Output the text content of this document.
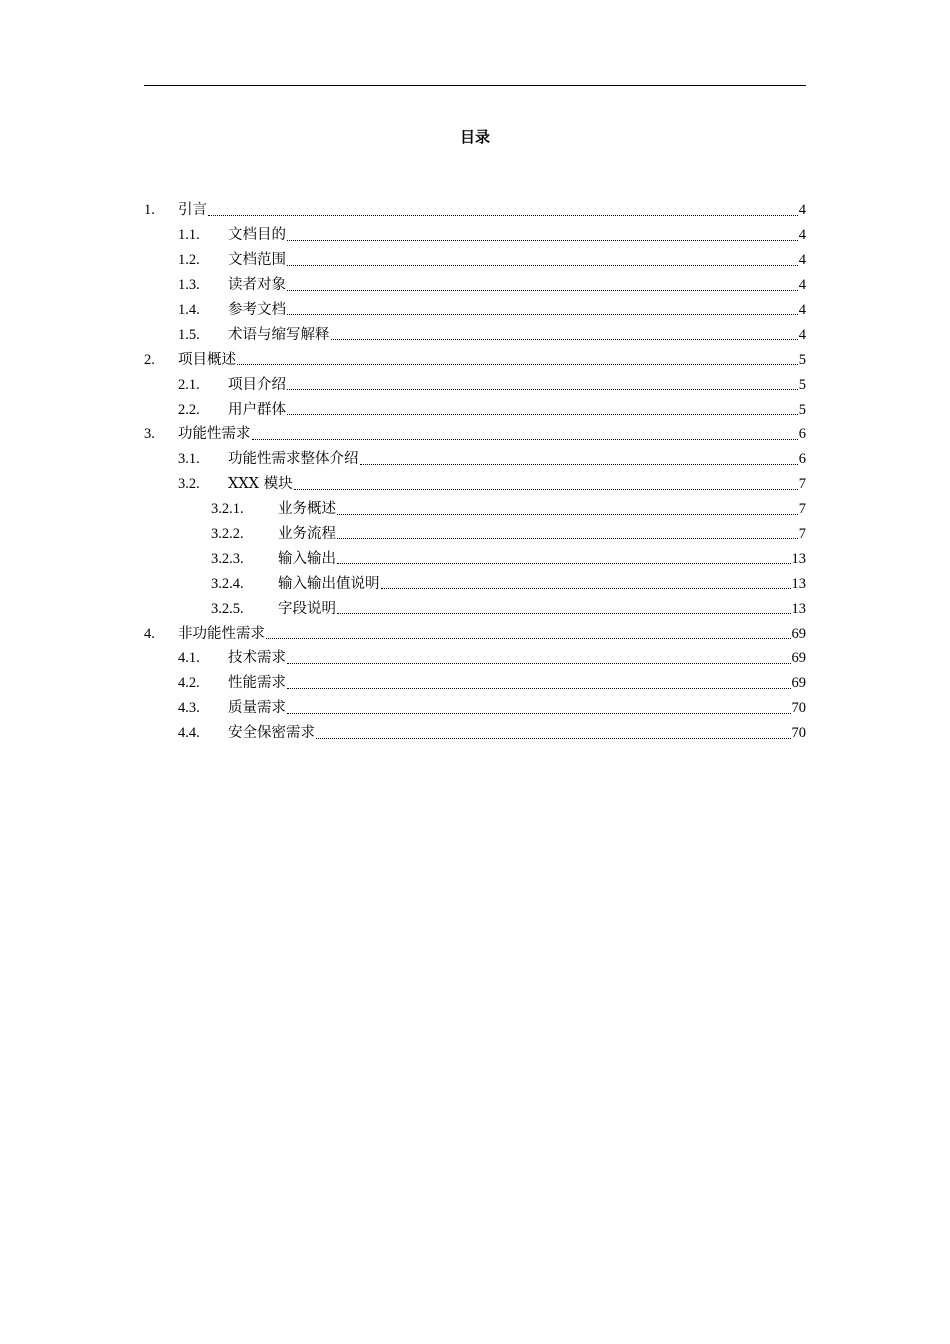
目录
1.	引言	4
1.1.	文档目的	4
1.2.	文档范围	4
1.3.	读者对象	4
1.4.	参考文档	4
1.5.	术语与缩写解释	4
2.	项目概述	5
2.1.	项目介绍	5
2.2.	用户群体	5
3.	功能性需求	6
3.1.	功能性需求整体介绍	6
3.2.	XXX 模块	7
3.2.1.	业务概述	7
3.2.2.	业务流程	7
3.2.3.	输入输出	13
3.2.4.	输入输出值说明	13
3.2.5.	字段说明	13
4.	非功能性需求	69
4.1.	技术需求	69
4.2.	性能需求	69
4.3.	质量需求	70
4.4.	安全保密需求	70
